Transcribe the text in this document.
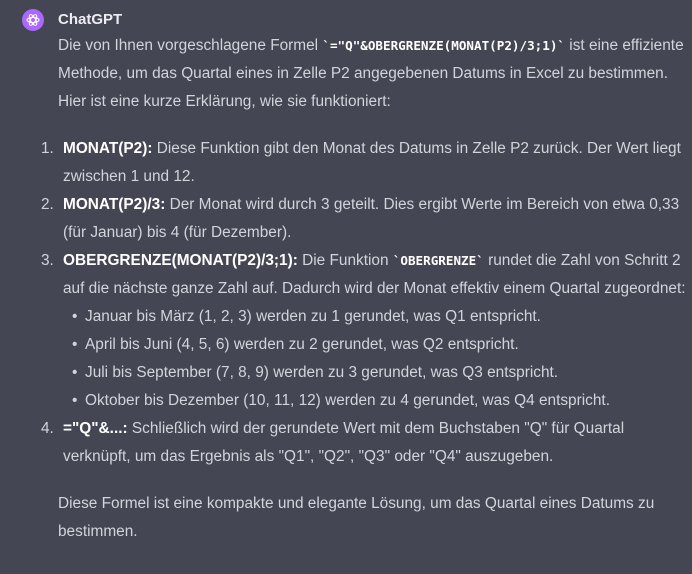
ChatGPT

Die von Ihnen vorgeschlagene Formel `="Q"&OBERGRENZE(MONAT(P2)/3;1)` ist eine effiziente Methode, um das Quartal eines in Zelle P2 angegebenen Datums in Excel zu bestimmen. Hier ist eine kurze Erklärung, wie sie funktioniert:

1. MONAT(P2): Diese Funktion gibt den Monat des Datums in Zelle P2 zurück. Der Wert liegt zwischen 1 und 12.
2. MONAT(P2)/3: Der Monat wird durch 3 geteilt. Dies ergibt Werte im Bereich von etwa 0,33 (für Januar) bis 4 (für Dezember).
3. OBERGRENZE(MONAT(P2)/3;1): Die Funktion `OBERGRENZE` rundet die Zahl von Schritt 2 auf die nächste ganze Zahl auf. Dadurch wird der Monat effektiv einem Quartal zugeordnet:
• Januar bis März (1, 2, 3) werden zu 1 gerundet, was Q1 entspricht.
• April bis Juni (4, 5, 6) werden zu 2 gerundet, was Q2 entspricht.
• Juli bis September (7, 8, 9) werden zu 3 gerundet, was Q3 entspricht.
• Oktober bis Dezember (10, 11, 12) werden zu 4 gerundet, was Q4 entspricht.
4. ="Q"&...: Schließlich wird der gerundete Wert mit dem Buchstaben "Q" für Quartal verknüpft, um das Ergebnis als "Q1", "Q2", "Q3" oder "Q4" auszugeben.

Diese Formel ist eine kompakte und elegante Lösung, um das Quartal eines Datums zu bestimmen.
